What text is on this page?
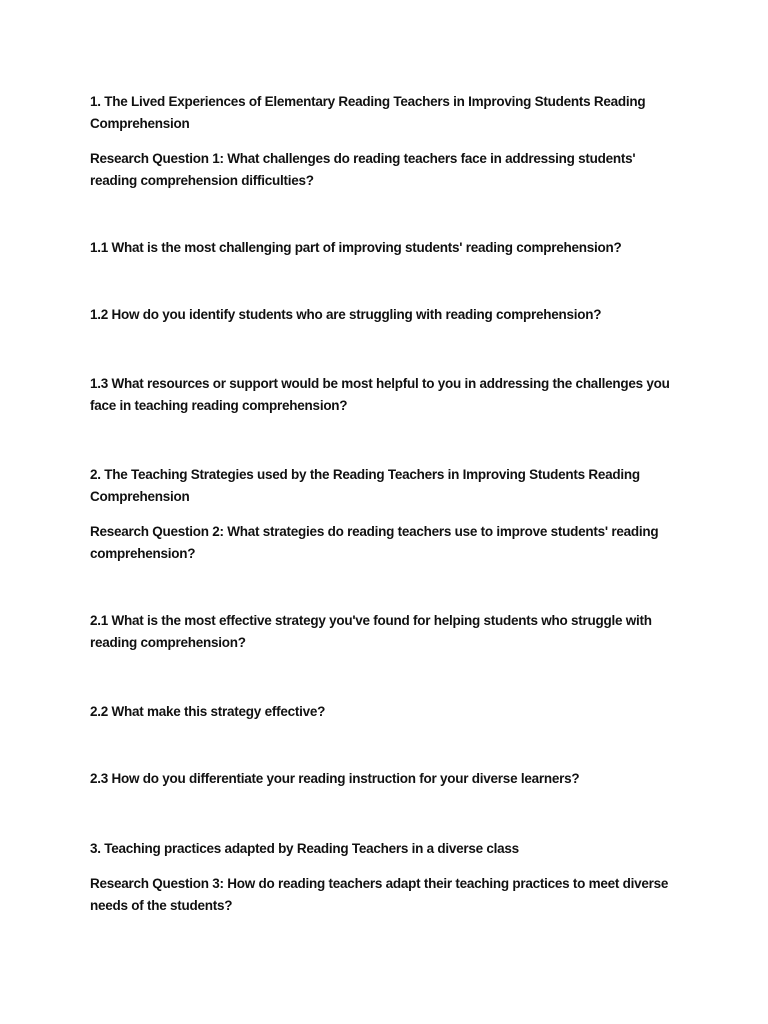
1. The Lived Experiences of Elementary Reading Teachers in Improving Students Reading Comprehension

Research Question 1: What challenges do reading teachers face in addressing students' reading comprehension difficulties?

1.1 What is the most challenging part of improving students' reading comprehension?

1.2 How do you identify students who are struggling with reading comprehension?

1.3 What resources or support would be most helpful to you in addressing the challenges you face in teaching reading comprehension?

2. The Teaching Strategies used by the Reading Teachers in Improving Students Reading Comprehension

Research Question 2: What strategies do reading teachers use to improve students' reading comprehension?

2.1 What is the most effective strategy you've found for helping students who struggle with reading comprehension?

2.2 What make this strategy effective?

2.3 How do you differentiate your reading instruction for your diverse learners?

3. Teaching practices adapted by Reading Teachers in a diverse class

Research Question 3: How do reading teachers adapt their teaching practices to meet diverse needs of the students?
